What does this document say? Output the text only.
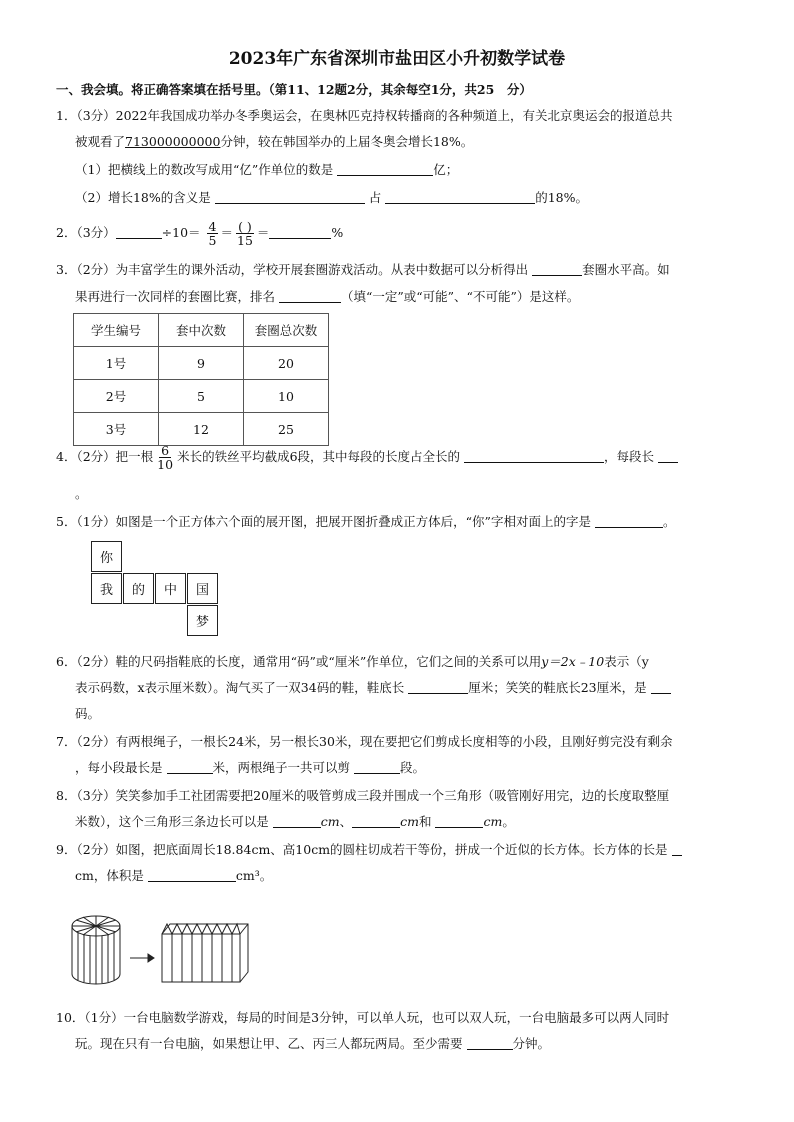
2023年广东省深圳市盐田区小升初数学试卷
一、我会填。将正确答案填在括号里。（第11、12题2分，其余每空1分，共25　分）
1．（3分）2022年我国成功举办冬季奥运会，在奥林匹克持权转播商的各种频道上，有关北京奥运会的报道总共
被观看了713000000000分钟，较在韩国举办的上届冬奥会增长18%。
（1）把横线上的数改写成用“亿”作单位的数是	亿；
（2）增长18%的含义是	占	的18%。
2．（3分）	$\div 10= \frac{4}{5} = \frac{( )}{15}$ ＝	%
3．（2分）为丰富学生的课外活动，学校开展套圈游戏活动。从表中数据可以分析得出	套圈水平高。如
果再进行一次同样的套圈比赛，排名	（填“一定”或“可能”、“不可能”）是这样。
学生编号	套中次数	套圈总次数
1号	9	20
2号	5	10
3号	12	25
4．（2分）把一根 $\frac{6}{10}$ 米长的铁丝平均截成6段，其中每段的长度占全长的	，每段长
。
5．（1分）如图是一个正方体六个面的展开图，把展开图折叠成正方体后，“你”字相对面上的字是	。
你
我	的	中	国
梦
6．（2分）鞋的尺码指鞋底的长度，通常用“码”或“厘米”作单位，它们之间的关系可以用y＝2x﹣10表示（y
表示码数，x表示厘米数）。淘气买了一双34码的鞋，鞋底长	厘米；笑笑的鞋底长23厘米，是
码。
7．（2分）有两根绳子，一根长24米，另一根长30米，现在要把它们剪成长度相等的小段，且刚好剪完没有剩余
，每小段最长是	米，两根绳子一共可以剪	段。
8．（3分）笑笑参加手工社团需要把20厘米的吸管剪成三段并围成一个三角形（吸管刚好用完，边的长度取整厘
米数），这个三角形三条边长可以是	cm、	cm和	cm。
9．（2分）如图，把底面周长18.84cm、高10cm的圆柱切成若干等份，拼成一个近似的长方体。长方体的长是
cm，体积是	cm³。
10．（1分）一台电脑数学游戏，每局的时间是3分钟，可以单人玩，也可以双人玩，一台电脑最多可以两人同时
玩。现在只有一台电脑，如果想让甲、乙、丙三人都玩两局。至少需要	分钟。
